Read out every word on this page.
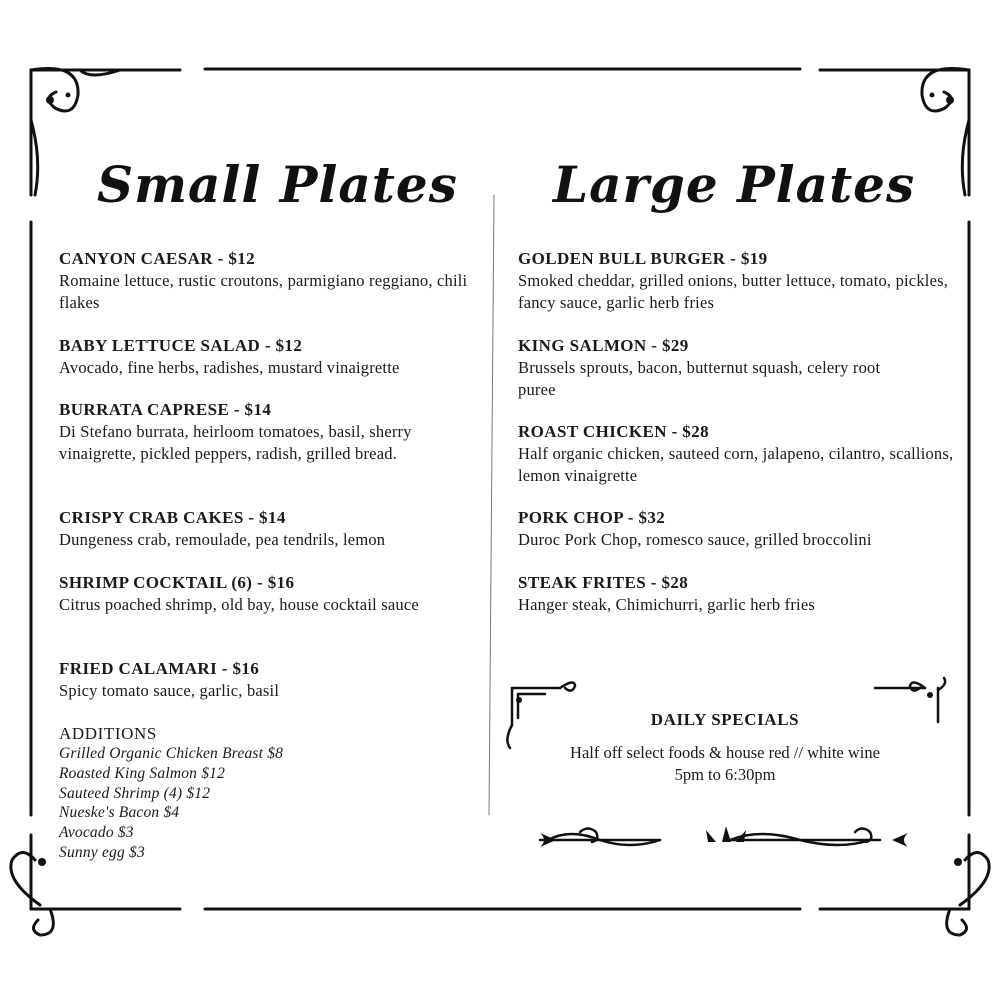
Small Plates
CANYON CAESAR - $12
Romaine lettuce, rustic croutons, parmigiano reggiano, chili flakes
BABY LETTUCE SALAD - $12
Avocado, fine herbs, radishes, mustard vinaigrette
BURRATA CAPRESE - $14
Di Stefano burrata, heirloom tomatoes, basil, sherry vinaigrette, pickled peppers, radish, grilled bread.
CRISPY CRAB CAKES - $14
Dungeness crab, remoulade, pea tendrils, lemon
SHRIMP COCKTAIL (6) - $16
Citrus poached shrimp, old bay, house cocktail sauce
FRIED CALAMARI - $16
Spicy tomato sauce, garlic, basil
ADDITIONS
Grilled Organic Chicken Breast $8
Roasted King Salmon $12
Sauteed Shrimp (4) $12
Nueske's Bacon $4
Avocado $3
Sunny egg $3
Large Plates
GOLDEN BULL BURGER - $19
Smoked cheddar, grilled onions, butter lettuce, tomato, pickles, fancy sauce, garlic herb fries
KING SALMON - $29
Brussels sprouts, bacon, butternut squash, celery root puree
ROAST CHICKEN - $28
Half organic chicken, sauteed corn, jalapeno, cilantro, scallions, lemon vinaigrette
PORK CHOP - $32
Duroc Pork Chop, romesco sauce, grilled broccolini
STEAK FRITES - $28
Hanger steak, Chimichurri, garlic herb fries
DAILY SPECIALS
Half off select foods & house red // white wine
5pm to 6:30pm
